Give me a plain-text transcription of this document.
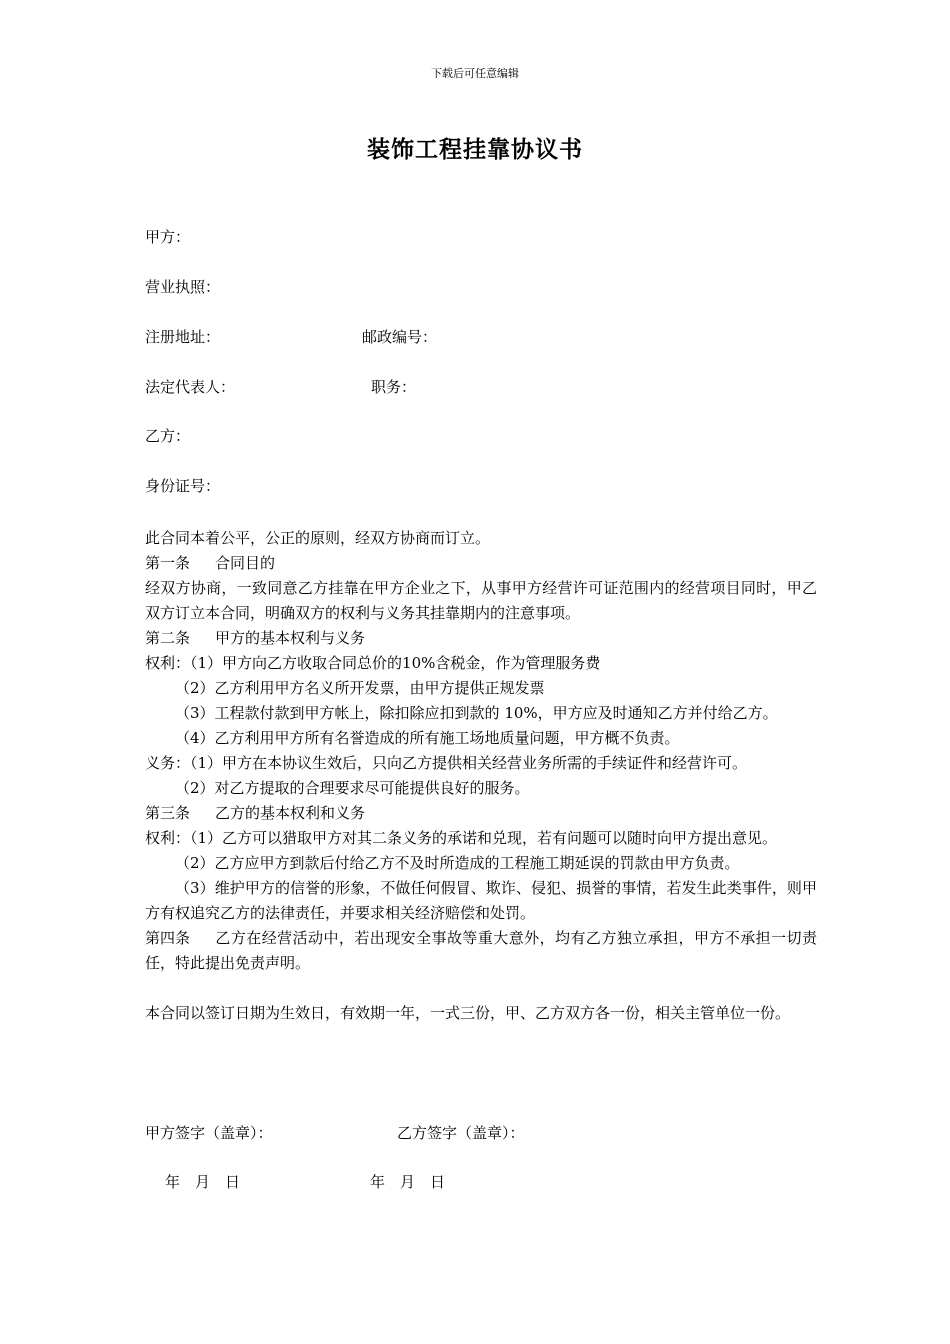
下载后可任意编辑
装饰工程挂靠协议书
甲方：
营业执照：
注册地址：	邮政编号：
法定代表人：	职务：
乙方：
身份证号：

此合同本着公平，公正的原则，经双方协商而订立。

第一条 合同目的

经双方协商，一致同意乙方挂靠在甲方企业之下，从事甲方经营许可证范围内的经营项目同时，甲乙双方订立本合同，明确双方的权利与义务其挂靠期内的注意事项。

第二条 甲方的基本权利与义务

权利：（1）甲方向乙方收取合同总价的10%含税金，作为管理服务费

（2）乙方利用甲方名义所开发票，由甲方提供正规发票

（3）工程款付款到甲方帐上，除扣除应扣到款的 10%，甲方应及时通知乙方并付给乙方。

（4）乙方利用甲方所有名誉造成的所有施工场地质量问题，甲方概不负责。

义务：（1）甲方在本协议生效后，只向乙方提供相关经营业务所需的手续证件和经营许可。

（2）对乙方提取的合理要求尽可能提供良好的服务。

第三条 乙方的基本权利和义务

权利：（1）乙方可以猎取甲方对其二条义务的承诺和兑现，若有问题可以随时向甲方提出意见。

（2）乙方应甲方到款后付给乙方不及时所造成的工程施工期延误的罚款由甲方负责。

（3）维护甲方的信誉的形象，不做任何假冒、欺诈、侵犯、损誉的事情，若发生此类事件，则甲方有权追究乙方的法律责任，并要求相关经济赔偿和处罚。

第四条 乙方在经营活动中，若出现安全事故等重大意外，均有乙方独立承担，甲方不承担一切责任，特此提出免责声明。

本合同以签订日期为生效日，有效期一年，一式三份，甲、乙方双方各一份，相关主管单位一份。

甲方签字（盖章）：	乙方签字（盖章）：
年　月　日	年　月　日
